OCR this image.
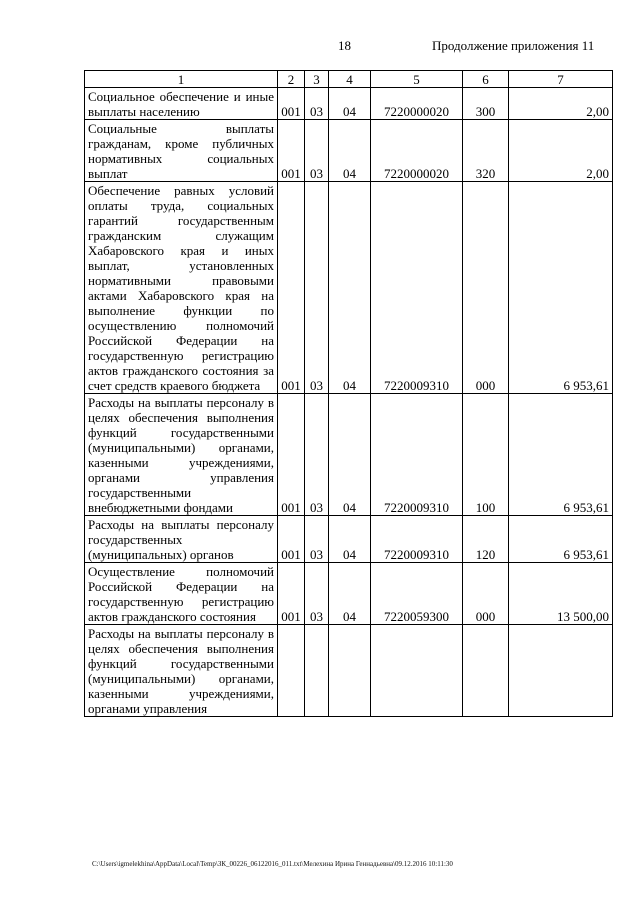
18	Продолжение приложения 11
1	2	3	4	5	6	7
Социальное обеспечение и иные выплаты населению	001	03	04	7220000020	300	2,00
Социальные выплаты гражданам, кроме публичных нормативных социальных выплат	001	03	04	7220000020	320	2,00
Обеспечение равных условий оплаты труда, социальных гарантий государственным гражданским служащим Хабаровского края и иных выплат, установленных нормативными правовыми актами Хабаровского края на выполнение функции по осуществлению полномочий Российской Федерации на государственную регистрацию актов гражданского состояния за счет средств краевого бюджета	001	03	04	7220009310	000	6 953,61
Расходы на выплаты персоналу в целях обеспечения выполнения функций государственными (муниципальными) органами, казенными учреждениями, органами управления государственными внебюджетными фондами	001	03	04	7220009310	100	6 953,61
Расходы на выплаты персоналу государственных (муниципальных) органов	001	03	04	7220009310	120	6 953,61
Осуществление полномочий Российской Федерации на государственную регистрацию актов гражданского состояния	001	03	04	7220059300	000	13 500,00
Расходы на выплаты персоналу в целях обеспечения выполнения функций государственными (муниципальными) органами, казенными учреждениями, органами управления						
C:\Users\igmelekhina\AppData\Local\Temp\ЗК_00226_06122016_011.txt\Мелехина Ирина Геннадьевна\09.12.2016 10:11:30
